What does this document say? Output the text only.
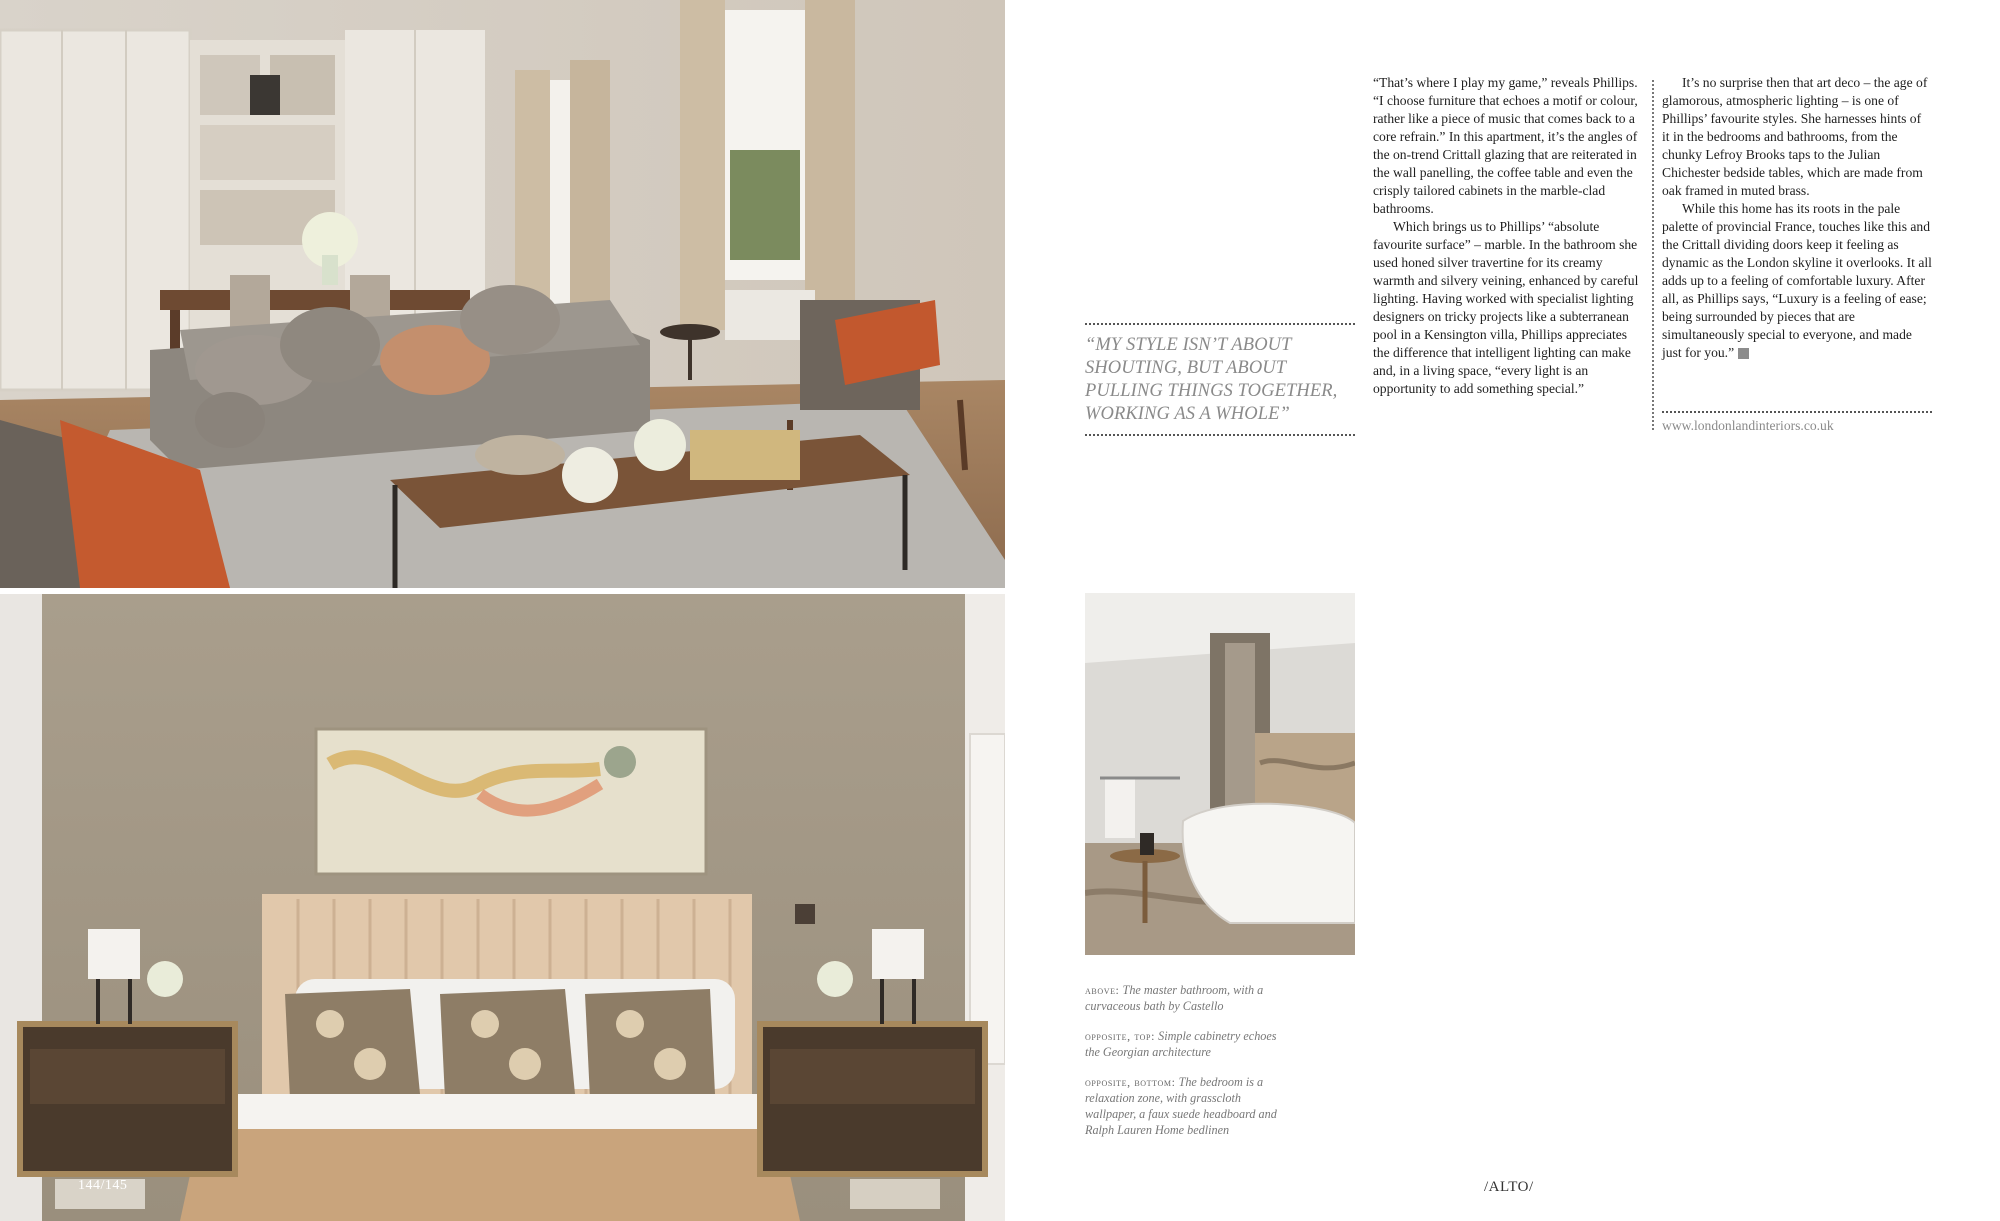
144/145
“MY STYLE ISN’T ABOUT SHOUTING, BUT ABOUT PULLING THINGS TOGETHER, WORKING AS A WHOLE”

“That’s where I play my game,” reveals Phillips. “I choose furniture that echoes a motif or colour, rather like a piece of music that comes back to a core refrain.” In this apartment, it’s the angles of the on-trend Crittall glazing that are reiterated in the wall panelling, the coffee table and even the crisply tailored cabinets in the marble-clad bathrooms.

Which brings us to Phillips’ “absolute favourite surface” – marble. In the bathroom she used honed silver travertine for its creamy warmth and silvery veining, enhanced by careful lighting. Having worked with specialist lighting designers on tricky projects like a subterranean pool in a Kensington villa, Phillips appreciates the difference that intelligent lighting can make and, in a living space, “every light is an opportunity to add something special.”

It’s no surprise then that art deco – the age of glamorous, atmospheric lighting – is one of Phillips’ favourite styles. She harnesses hints of it in the bedrooms and bathrooms, from the chunky Lefroy Brooks taps to the Julian Chichester bedside tables, which are made from oak framed in muted brass.

While this home has its roots in the pale palette of provincial France, touches like this and the Crittall dividing doors keep it feeling as dynamic as the London skyline it overlooks. It all adds up to a feeling of comfortable luxury. After all, as Phillips says, “Luxury is a feeling of ease; being surrounded by pieces that are simultaneously special to everyone, and made just for you.”	A

www.londonlandinteriors.co.uk
above: The master bathroom, with a curvaceous bath by Castello
opposite, top: Simple cabinetry echoes the Georgian architecture
opposite, bottom: The bedroom is a relaxation zone, with grasscloth wallpaper, a faux suede headboard and Ralph Lauren Home bedlinen
/ALTO/
